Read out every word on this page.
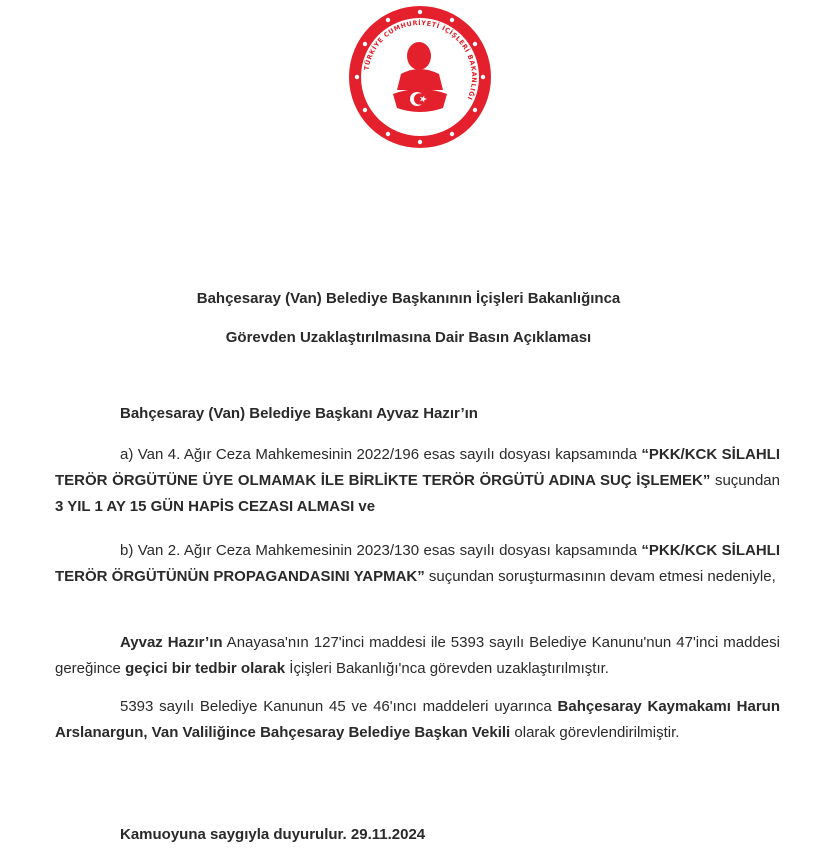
TÜRKİYE CUMHURİYETİ İÇİŞLERİ BAKANLIĞI
Bahçesaray (Van) Belediye Başkanının İçişleri Bakanlığınca
Görevden Uzaklaştırılmasına Dair Basın Açıklaması
Bahçesaray (Van) Belediye Başkanı Ayvaz Hazır’ın
a) Van 4. Ağır Ceza Mahkemesinin 2022/196 esas sayılı dosyası kapsamında “PKK/KCK SİLAHLI TERÖR ÖRGÜTÜNE ÜYE OLMAMAK İLE BİRLİKTE TERÖR ÖRGÜTÜ ADINA SUÇ İŞLEMEK” suçundan 3 YIL 1 AY 15 GÜN HAPİS CEZASI ALMASI ve
b) Van 2. Ağır Ceza Mahkemesinin 2023/130 esas sayılı dosyası kapsamında “PKK/KCK SİLAHLI TERÖR ÖRGÜTÜNÜN PROPAGANDASINI YAPMAK” suçundan soruşturmasının devam etmesi nedeniyle,
Ayvaz Hazır’ın Anayasa'nın 127'inci maddesi ile 5393 sayılı Belediye Kanunu'nun 47'inci maddesi gereğince geçici bir tedbir olarak İçişleri Bakanlığı'nca görevden uzaklaştırılmıştır.
5393 sayılı Belediye Kanunun 45 ve 46'ıncı maddeleri uyarınca Bahçesaray Kaymakamı Harun Arslanargun, Van Valiliğince Bahçesaray Belediye Başkan Vekili olarak görevlendirilmiştir.
Kamuoyuna saygıyla duyurulur. 29.11.2024
